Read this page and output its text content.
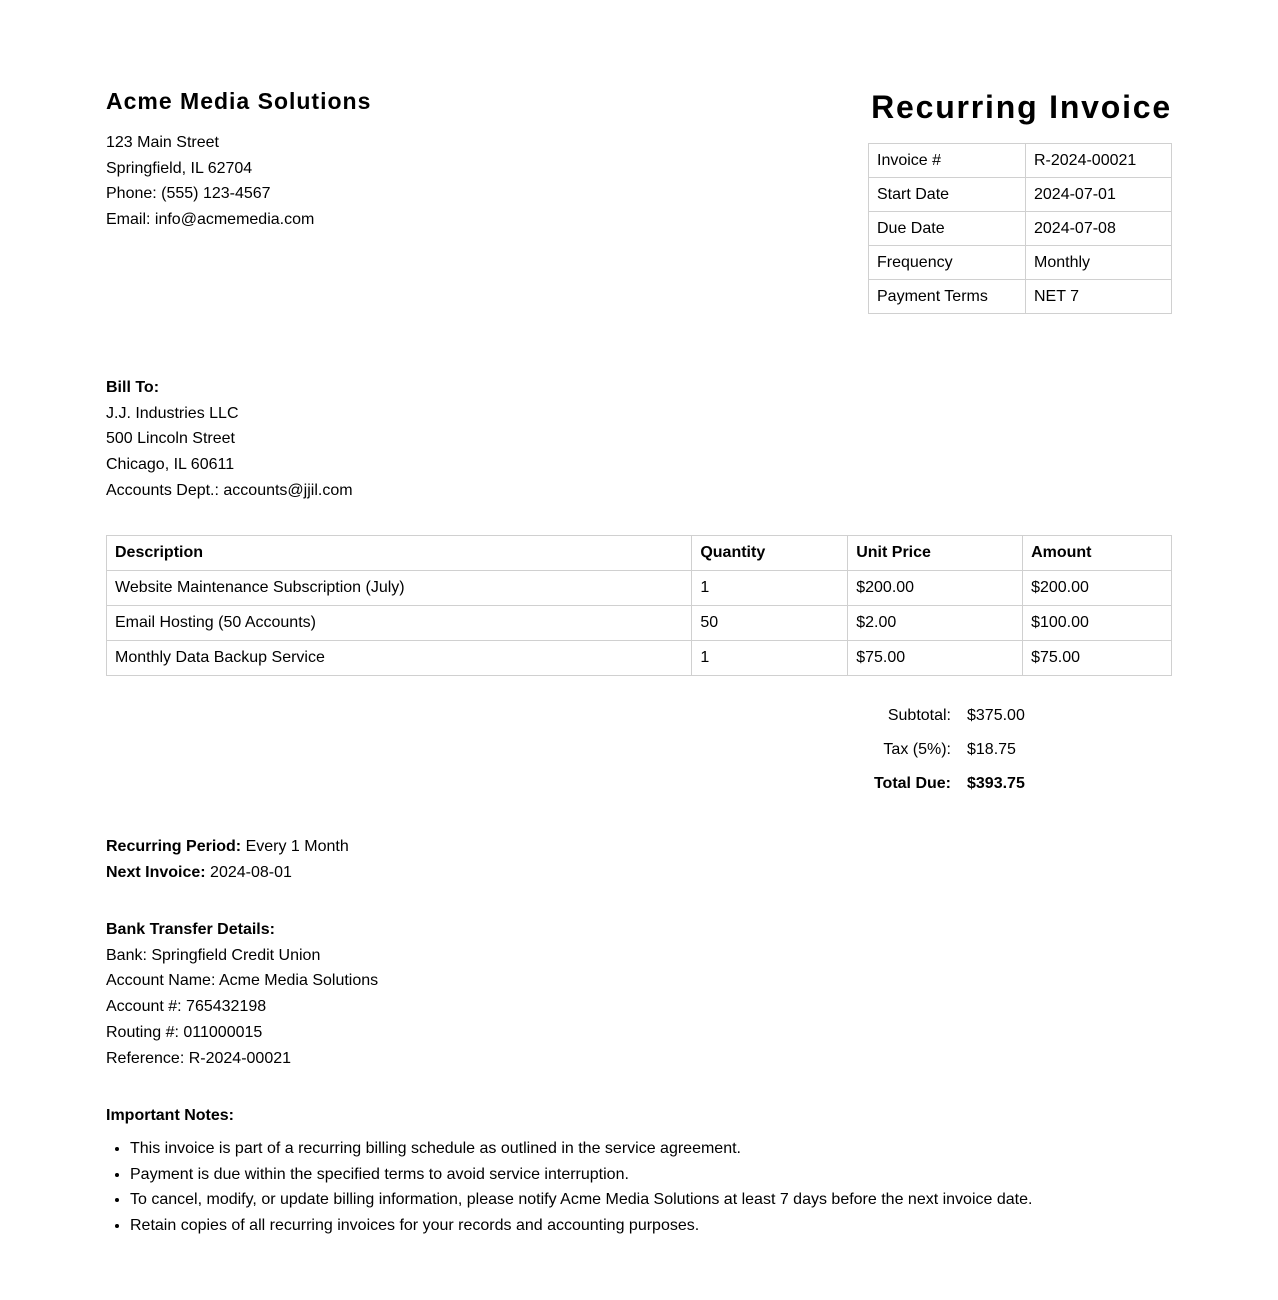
Acme Media Solutions
123 Main Street
Springfield, IL 62704
Phone: (555) 123-4567
Email: info@acmemedia.com
Recurring Invoice
Invoice #	R-2024-00021
Start Date	2024-07-01
Due Date	2024-07-08
Frequency	Monthly
Payment Terms	NET 7
Bill To:
J.J. Industries LLC
500 Lincoln Street
Chicago, IL 60611
Accounts Dept.: accounts@jjil.com
Description	Quantity	Unit Price	Amount
Website Maintenance Subscription (July)	1	$200.00	$200.00
Email Hosting (50 Accounts)	50	$2.00	$100.00
Monthly Data Backup Service	1	$75.00	$75.00
Subtotal:	$375.00
Tax (5%):	$18.75
Total Due:	$393.75
Recurring Period: Every 1 Month
Next Invoice: 2024-08-01
Bank Transfer Details:
Bank: Springfield Credit Union
Account Name: Acme Media Solutions
Account #: 765432198
Routing #: 011000015
Reference: R-2024-00021
Important Notes:
• This invoice is part of a recurring billing schedule as outlined in the service agreement.
• Payment is due within the specified terms to avoid service interruption.
• To cancel, modify, or update billing information, please notify Acme Media Solutions at least 7 days before the next invoice date.
• Retain copies of all recurring invoices for your records and accounting purposes.
